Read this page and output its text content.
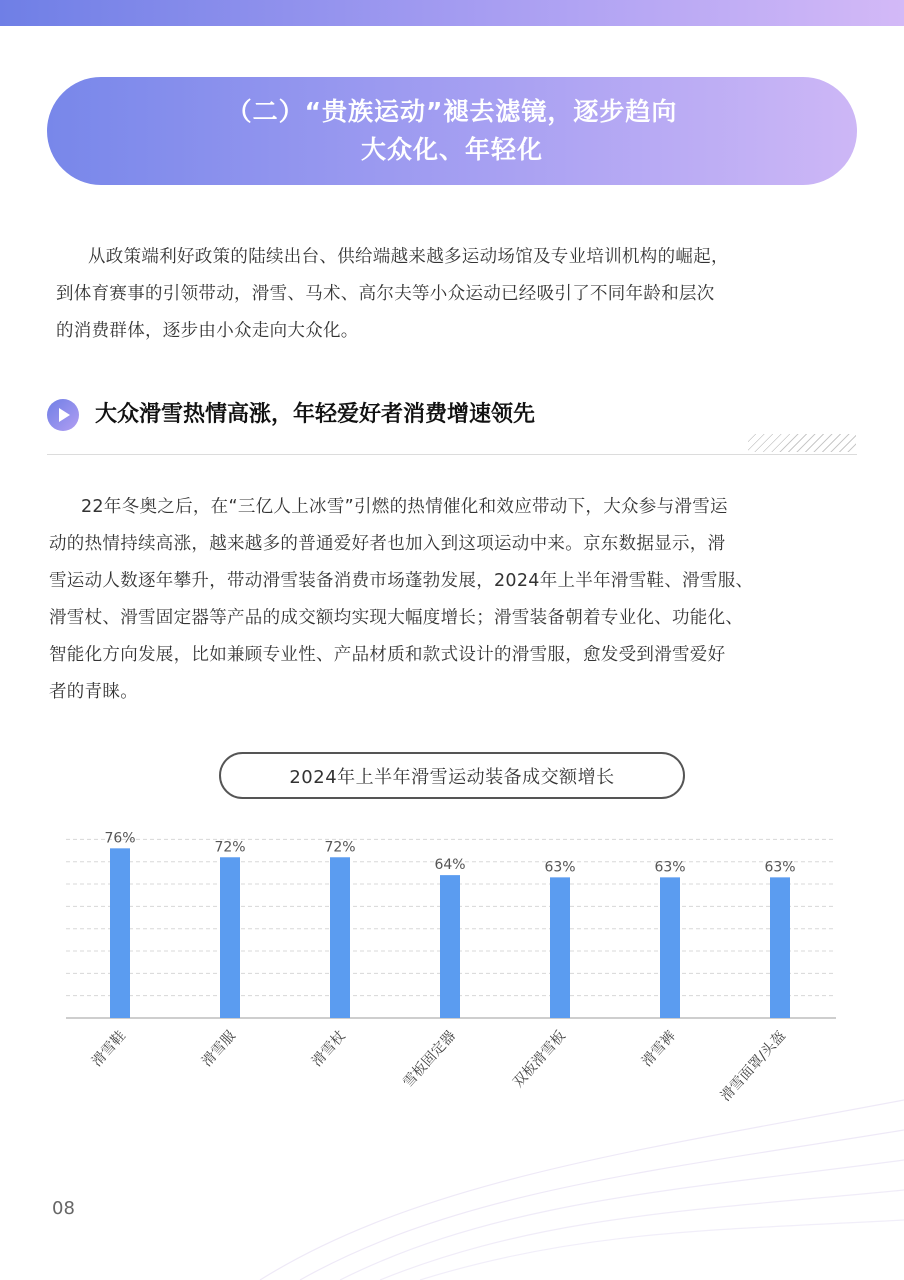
（二）“贵族运动”褪去滤镜，逐步趋向
大众化、年轻化
从政策端利好政策的陆续出台、供给端越来越多运动场馆及专业培训机构的崛起，
到体育赛事的引领带动，滑雪、马术、高尔夫等小众运动已经吸引了不同年龄和层次
的消费群体，逐步由小众走向大众化。
大众滑雪热情高涨，年轻爱好者消费增速领先
22年冬奥之后，在“三亿人上冰雪”引燃的热情催化和效应带动下，大众参与滑雪运
动的热情持续高涨，越来越多的普通爱好者也加入到这项运动中来。京东数据显示，滑
雪运动人数逐年攀升，带动滑雪装备消费市场蓬勃发展，2024年上半年滑雪鞋、滑雪服、
滑雪杖、滑雪固定器等产品的成交额均实现大幅度增长；滑雪装备朝着专业化、功能化、
智能化方向发展，比如兼顾专业性、产品材质和款式设计的滑雪服，愈发受到滑雪爱好
者的青睐。
2024年上半年滑雪运动装备成交额增长
76%
滑雪鞋
72%
滑雪服
72%
滑雪杖
64%
雪板固定器
63%
双板滑雪板
63%
滑雪裤
63%
滑雪面罩/头盔
08
